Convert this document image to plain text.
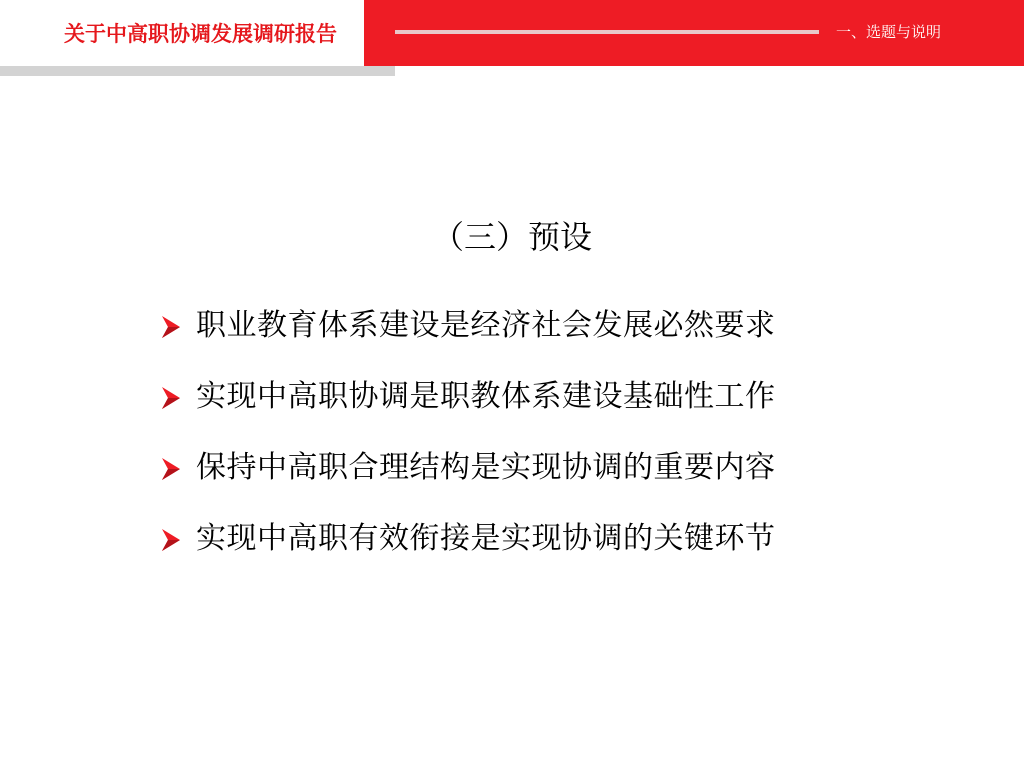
关于中高职协调发展调研报告	一、选题与说明
（三）预设
职业教育体系建设是经济社会发展必然要求
实现中高职协调是职教体系建设基础性工作
保持中高职合理结构是实现协调的重要内容
实现中高职有效衔接是实现协调的关键环节
